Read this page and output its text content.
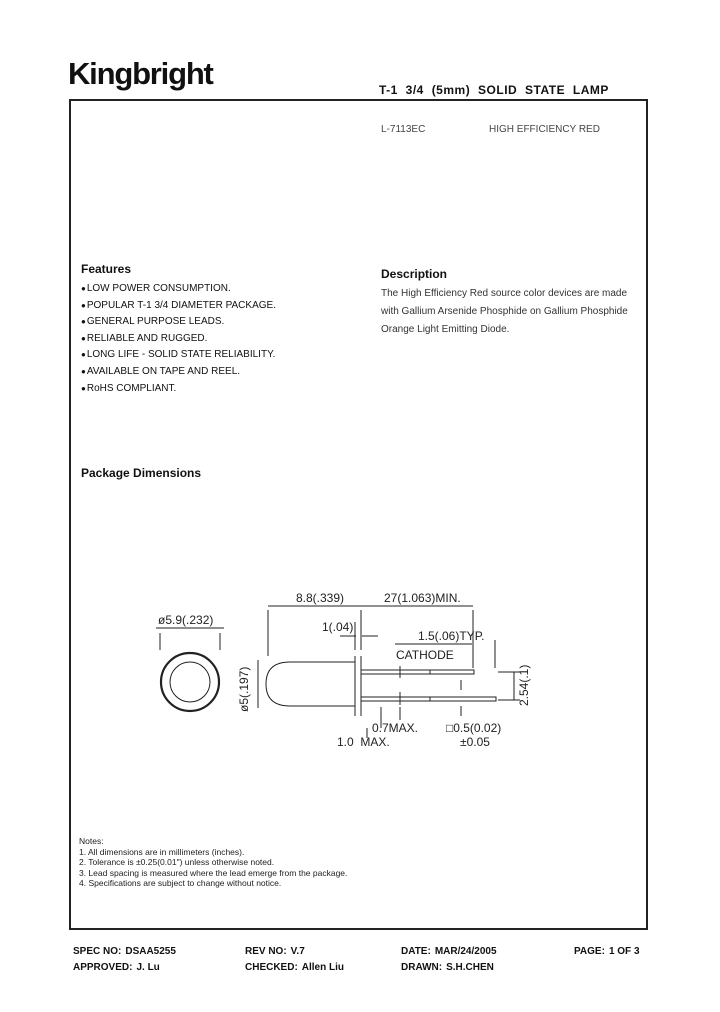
Kingbright	T-1 3/4 (5mm) SOLID STATE LAMP
L-7113EC	HIGH EFFICIENCY RED
Features
● LOW POWER CONSUMPTION.
● POPULAR T-1 3/4 DIAMETER PACKAGE.
● GENERAL PURPOSE LEADS.
● RELIABLE AND RUGGED.
● LONG LIFE - SOLID STATE RELIABILITY.
● AVAILABLE ON TAPE AND REEL.
● RoHS COMPLIANT.
Description
The High Efficiency Red source color devices are made
with Gallium Arsenide Phosphide on Gallium Phosphide
Orange Light Emitting Diode.
Package Dimensions
ø5.9(.232)
8.8(.339)	27(1.063)MIN.
1(.04)
1.5(.06)TYP.
CATHODE
0.7MAX. □0.5(0.02)
±0.05
1.0  MAX.
ø5(.197)	2.54(.1)
Notes:
1. All dimensions are in millimeters (inches).
2. Tolerance is ±0.25(0.01") unless otherwise noted.
3. Lead spacing is measured where the lead emerge from the package.
4. Specifications are subject to change without notice.
SPEC NO: DSAA5255	REV NO: V.7	DATE: MAR/24/2005	PAGE: 1 OF 3
APPROVED: J. Lu	CHECKED: Allen Liu	DRAWN: S.H.CHEN
